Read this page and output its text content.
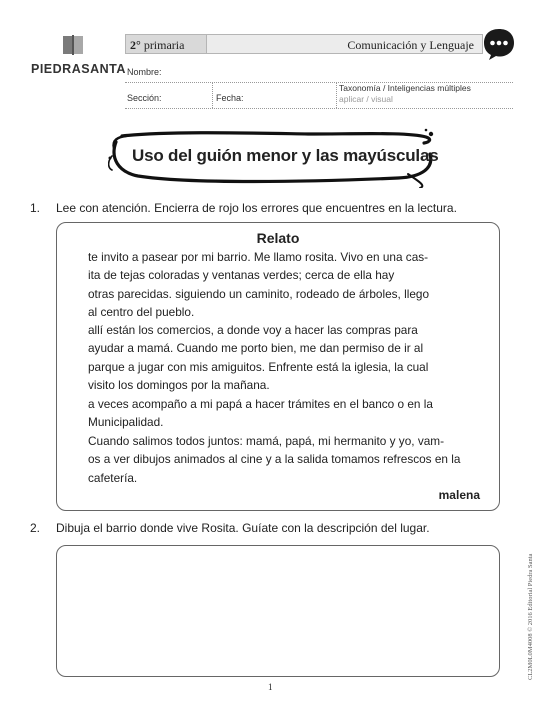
PIEDRASANTA
2° primaria	Comunicación y Lenguaje
Nombre:
Sección:	Fecha:
Taxonomía / Inteligencias múltiples
aplicar / visual
Uso del guión menor y las mayúsculas
1. Lee con atención. Encierra de rojo los errores que encuentres en la lectura.
Relato
te invito a pasear por mi barrio. Me llamo rosita. Vivo en una cas-
ita de tejas coloradas y ventanas verdes; cerca de ella hay
otras parecidas. siguiendo un caminito, rodeado de árboles, llego
al centro del pueblo.
allí están los comercios, a donde voy a hacer las compras para
ayudar a mamá. Cuando me porto bien, me dan permiso de ir al
parque a jugar con mis amiguitos. Enfrente está la iglesia, la cual
visito los domingos por la mañana.
a veces acompaño a mi papá a hacer trámites en el banco o en la
Municipalidad.
Cuando salimos todos juntos: mamá, papá, mi hermanito y yo, vam-
os a ver dibujos animados al cine y a la salida tomamos refrescos en la
cafetería.
malena
2. Dibuja el barrio donde vive Rosita. Guíate con la descripción del lugar.
1
CL2M0L0M4008 © 2016 Editorial Piedra Santa
